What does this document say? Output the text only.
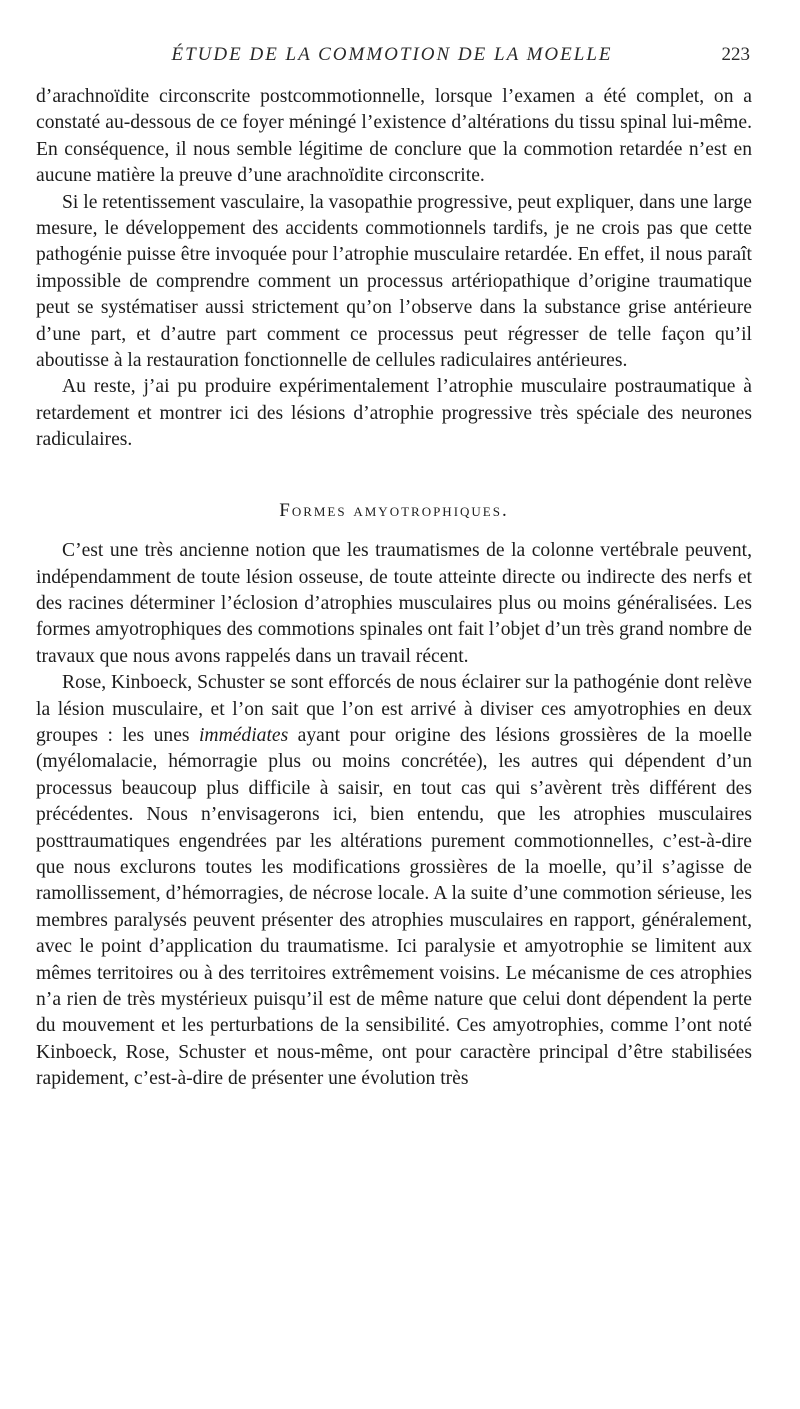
ÉTUDE DE LA COMMOTION DE LA MOELLE	223

d’arachnoïdite circonscrite postcommotionnelle, lorsque l’examen a été complet, on a constaté au-dessous de ce foyer méningé l’existence d’altérations du tissu spinal lui-même. En conséquence, il nous semble légitime de conclure que la commotion retardée n’est en aucune matière la preuve d’une arachnoïdite circonscrite.

Si le retentissement vasculaire, la vasopathie progressive, peut expliquer, dans une large mesure, le développement des accidents commotionnels tardifs, je ne crois pas que cette pathogénie puisse être invoquée pour l’atrophie musculaire retardée. En effet, il nous paraît impossible de comprendre comment un processus artériopathique d’origine traumatique peut se systématiser aussi strictement qu’on l’observe dans la substance grise antérieure d’une part, et d’autre part comment ce processus peut régresser de telle façon qu’il aboutisse à la restauration fonctionnelle de cellules radiculaires antérieures.

Au reste, j’ai pu produire expérimentalement l’atrophie musculaire postraumatique à retardement et montrer ici des lésions d’atrophie progressive très spéciale des neurones radiculaires.

Formes amyotrophiques.

C’est une très ancienne notion que les traumatismes de la colonne vertébrale peuvent, indépendamment de toute lésion osseuse, de toute atteinte directe ou indirecte des nerfs et des racines déterminer l’éclosion d’atrophies musculaires plus ou moins généralisées. Les formes amyotrophiques des commotions spinales ont fait l’objet d’un très grand nombre de travaux que nous avons rappelés dans un travail récent.

Rose, Kinboeck, Schuster se sont efforcés de nous éclairer sur la pathogénie dont relève la lésion musculaire, et l’on sait que l’on est arrivé à diviser ces amyotrophies en deux groupes : les unes immédiates ayant pour origine des lésions grossières de la moelle (myélomalacie, hémorragie plus ou moins concrétée), les autres qui dépendent d’un processus beaucoup plus difficile à saisir, en tout cas qui s’avèrent très différent des précédentes. Nous n’envisagerons ici, bien entendu, que les atrophies musculaires posttraumatiques engendrées par les altérations purement commotionnelles, c’est-à-dire que nous exclurons toutes les modifications grossières de la moelle, qu’il s’agisse de ramollissement, d’hémorragies, de nécrose locale. A la suite d’une commotion sérieuse, les membres paralysés peuvent présenter des atrophies musculaires en rapport, généralement, avec le point d’application du traumatisme. Ici paralysie et amyotrophie se limitent aux mêmes territoires ou à des territoires extrêmement voisins. Le mécanisme de ces atrophies n’a rien de très mystérieux puisqu’il est de même nature que celui dont dépendent la perte du mouvement et les perturbations de la sensibilité. Ces amyotrophies, comme l’ont noté Kinboeck, Rose, Schuster et nous-même, ont pour caractère principal d’être stabilisées rapidement, c’est-à-dire de présenter une évolution très
